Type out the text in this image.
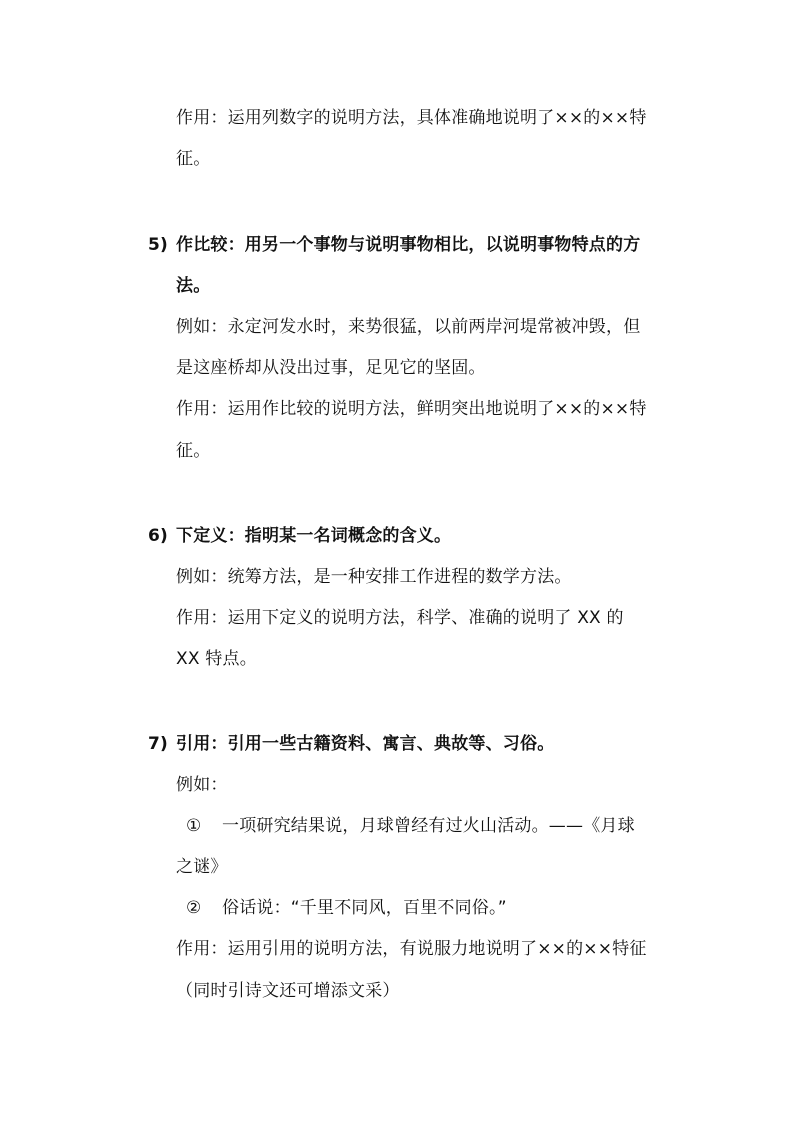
作用：运用列数字的说明方法，具体准确地说明了××的××特
征。
5) 作比较：用另一个事物与说明事物相比，以说明事物特点的方
法。
例如：永定河发水时，来势很猛，以前两岸河堤常被冲毁，但
是这座桥却从没出过事，足见它的坚固。
作用：运用作比较的说明方法，鲜明突出地说明了××的××特
征。
6) 下定义：指明某一名词概念的含义。
例如：统筹方法，是一种安排工作进程的数学方法。
作用：运用下定义的说明方法，科学、准确的说明了 XX 的
XX 特点。
7) 引用：引用一些古籍资料、寓言、典故等、习俗。
例如：
① 一项研究结果说，月球曾经有过火山活动。——《月球
之谜》
② 俗话说：“千里不同风，百里不同俗。”
作用：运用引用的说明方法，有说服力地说明了××的××特征
（同时引诗文还可增添文采）
